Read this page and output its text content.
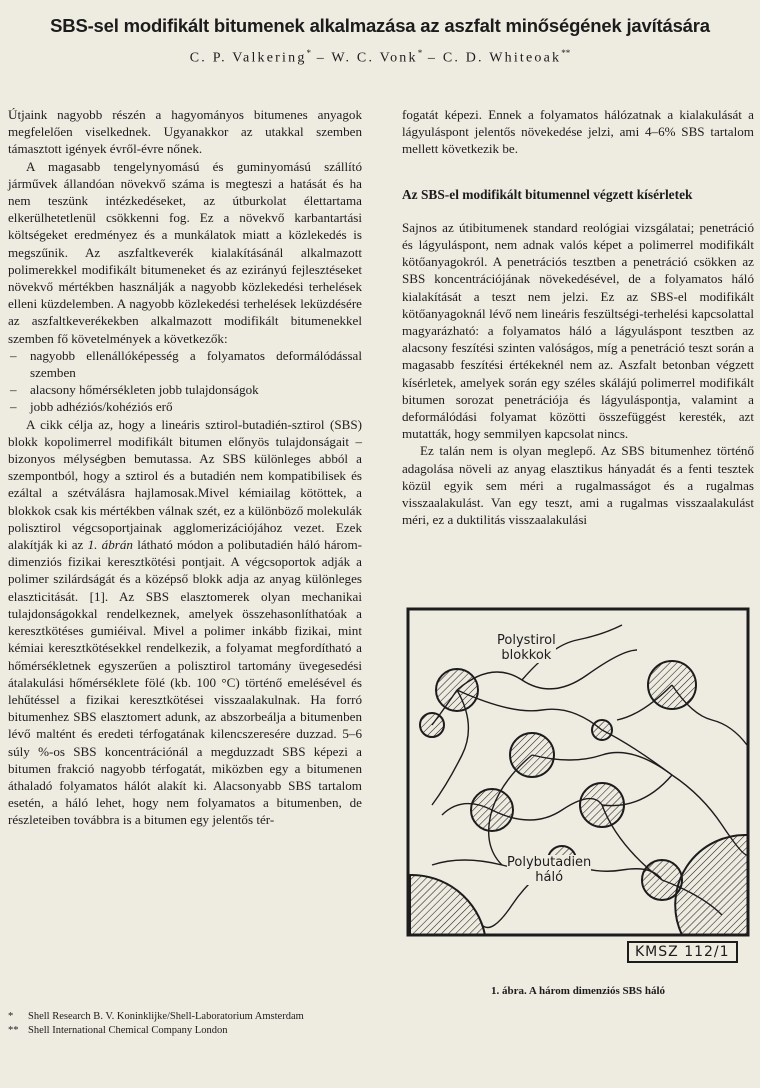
SBS-sel modifikált bitumenek alkalmazása az aszfalt minőségének javítására
C. P. Valkering* – W. C. Vonk* – C. D. Whiteoak**

Útjaink nagyobb részén a hagyományos bitumenes anyagok megfelelően viselkednek. Ugyanakkor az utakkal szemben támasztott igények évről-évre nőnek.

A magasabb tengelynyomású és guminyomású szállító járművek állandóan növekvő száma is megteszi a hatását és ha nem teszünk intézkedéseket, az útburkolat élettartama elkerülhetetlenül csökkenni fog. Ez a növekvő karbantartási költségeket eredményez és a munkálatok miatt a közlekedés is megszűnik. Az aszfaltkeverék kialakításánál alkalmazott polimerekkel modifikált bitumeneket és az ezirányú fejlesztéseket növekvő mértékben használják a nagyobb közlekedési terhelések elleni küzdelemben. A nagyobb közlekedési terhelések leküzdésére az aszfaltkeverékekben alkalmazott modifikált bitumenekkel szemben fő követelmények a következők:

– nagyobb ellenállóképesség a folyamatos deformálódással szemben
– alacsony hőmérsékleten jobb tulajdonságok
– jobb adhéziós/kohéziós erő

A cikk célja az, hogy a lineáris sztirol-butadién-sztirol (SBS) blokk kopolimerrel modifikált bitumen előnyös tulajdonságait – bizonyos mélységben bemutassa. Az SBS különleges abból a szempontból, hogy a sztirol és a butadién nem kompatibilisek és ezáltal a szétválásra hajlamosak.Mivel kémiailag kötöttek, a blokkok csak kis mértékben válnak szét, ez a különböző molekulák polisztirol végcsoportjainak agglomerizációjához vezet. Ezek alakítják ki az 1. ábrán látható módon a polibutadién háló három-dimenziós fizikai keresztkötési pontjait. A végcsoportok adják a polimer szilárdságát és a középső blokk adja az anyag különleges elaszticitását. [1]. Az SBS elasztomerek olyan mechanikai tulajdonságokkal rendelkeznek, amelyek összehasonlíthatóak a keresztkötéses gumiéival. Mivel a polimer inkább fizikai, mint kémiai keresztkötésekkel rendelkezik, a folyamat megfordítható a hőmérsékletnek egyszerűen a polisztirol tartomány üvegesedési átalakulási hőmérséklete fölé (kb. 100 °C) történő emelésével és lehűtéssel a fizikai keresztkötései visszaalakulnak. Ha forró bitumenhez SBS elasztomert adunk, az abszorbeálja a bitumenben lévő maltént és eredeti térfogatának kilencszeresére duzzad. 5–6 súly %-os SBS koncentrációnál a megduzzadt SBS képezi a bitumen frakció nagyobb térfogatát, miközben egy a bitumenen áthaladó folyamatos hálót alakít ki. Alacsonyabb SBS tartalom esetén, a háló lehet, hogy nem folyamatos a bitumenben, de részleteiben továbbra is a bitumen egy jelentős tér-

fogatát képezi. Ennek a folyamatos hálózatnak a kialakulását a lágyuláspont jelentős növekedése jelzi, ami 4–6% SBS tartalom mellett következik be.

Az SBS-el modifikált bitumennel végzett kísérletek

Sajnos az útibitumenek standard reológiai vizsgálatai; penetráció és lágyuláspont, nem adnak valós képet a polimerrel modifikált kötőanyagokról. A penetrációs tesztben a penetráció csökken az SBS koncentrációjának növekedésével, de a folyamatos háló kialakítását a teszt nem jelzi. Ez az SBS-el modifikált kötőanyagoknál lévő nem lineáris feszültségi-terhelési kapcsolattal magyarázható: a folyamatos háló a lágyuláspont tesztben az alacsony feszítési szinten valóságos, míg a penetráció teszt során a magasabb feszítési értékeknél nem az. Aszfalt betonban végzett kísérletek, amelyek során egy széles skálájú polimerrel modifikált bitumen sorozat penetrációja és lágyuláspontja, valamint a deformálódási folyamat közötti összefüggést keresték, azt mutatták, hogy semmilyen kapcsolat nincs.

Ez talán nem is olyan meglepő. Az SBS bitumenhez történő adagolása növeli az anyag elasztikus hányadát és a fenti tesztek közül egyik sem méri a rugalmasságot és a rugalmas visszaalakulást. Van egy teszt, ami a rugalmas visszaalakulást méri, ez a duktilitás visszaalakulási

Polystirol
blokkok
Polybutadien
háló
KMSZ 112/1
1. ábra. A három dimenziós SBS háló
* Shell Research B. V. Koninklijke/Shell-Laboratorium Amsterdam
** Shell International Chemical Company London
